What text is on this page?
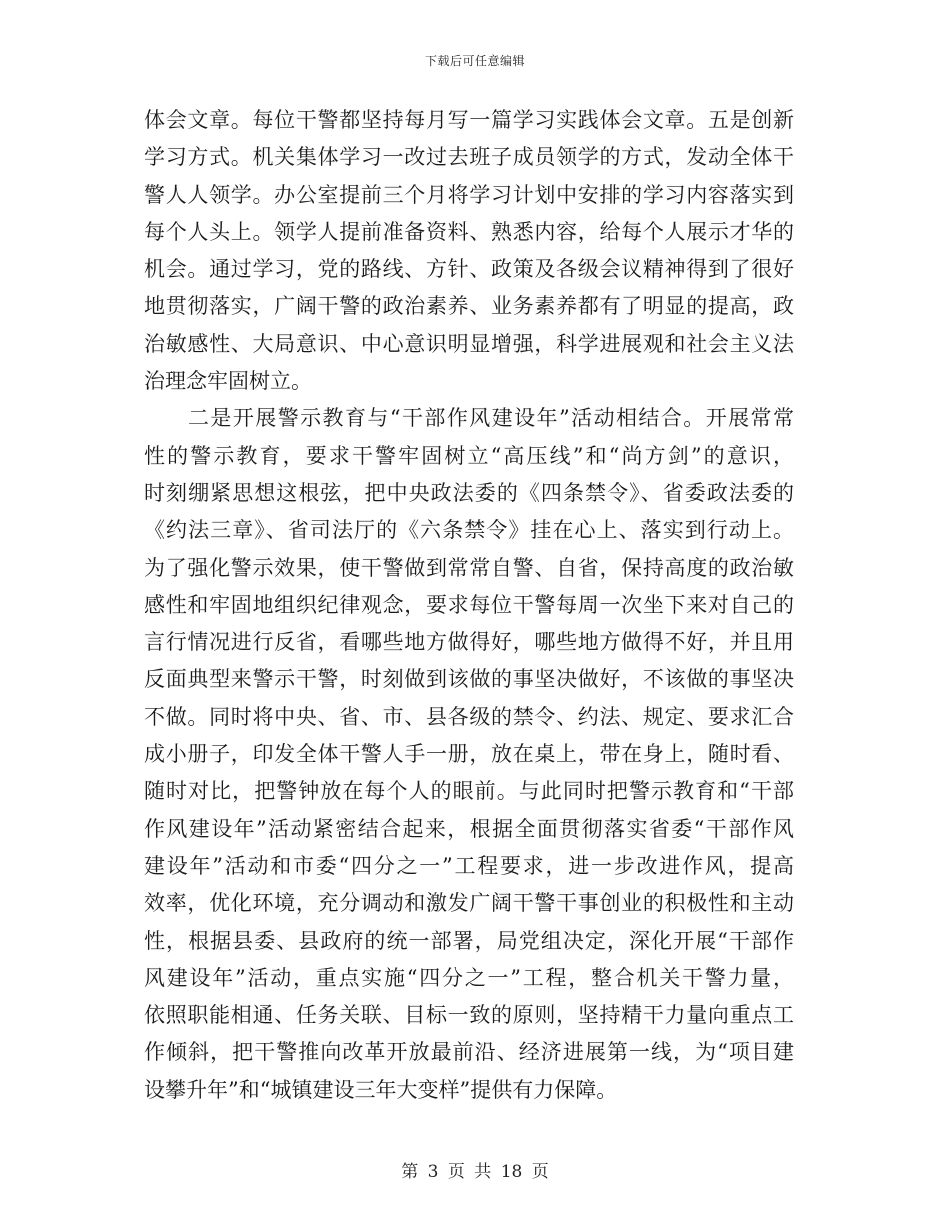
下载后可任意编辑
体会文章。每位干警都坚持每月写一篇学习实践体会文章。五是创新
学习方式。机关集体学习一改过去班子成员领学的方式，发动全体干
警人人领学。办公室提前三个月将学习计划中安排的学习内容落实到
每个人头上。领学人提前准备资料、熟悉内容，给每个人展示才华的
机会。通过学习，党的路线、方针、政策及各级会议精神得到了很好
地贯彻落实，广阔干警的政治素养、业务素养都有了明显的提高，政
治敏感性、大局意识、中心意识明显增强，科学进展观和社会主义法
治理念牢固树立。
二是开展警示教育与“干部作风建设年”活动相结合。开展常常
性的警示教育，要求干警牢固树立“高压线”和“尚方剑”的意识，
时刻绷紧思想这根弦，把中央政法委的《四条禁令》、省委政法委的
《约法三章》、省司法厅的《六条禁令》挂在心上、落实到行动上。
为了强化警示效果，使干警做到常常自警、自省，保持高度的政治敏
感性和牢固地组织纪律观念，要求每位干警每周一次坐下来对自己的
言行情况进行反省，看哪些地方做得好，哪些地方做得不好，并且用
反面典型来警示干警，时刻做到该做的事坚决做好，不该做的事坚决
不做。同时将中央、省、市、县各级的禁令、约法、规定、要求汇合
成小册子，印发全体干警人手一册，放在桌上，带在身上，随时看、
随时对比，把警钟放在每个人的眼前。与此同时把警示教育和“干部
作风建设年”活动紧密结合起来，根据全面贯彻落实省委“干部作风
建设年”活动和市委“四分之一”工程要求，进一步改进作风，提高
效率，优化环境，充分调动和激发广阔干警干事创业的积极性和主动
性，根据县委、县政府的统一部署，局党组决定，深化开展“干部作
风建设年”活动，重点实施“四分之一”工程，整合机关干警力量，
依照职能相通、任务关联、目标一致的原则，坚持精干力量向重点工
作倾斜，把干警推向改革开放最前沿、经济进展第一线，为“项目建
设攀升年”和“城镇建设三年大变样”提供有力保障。
第 3 页 共 18 页
